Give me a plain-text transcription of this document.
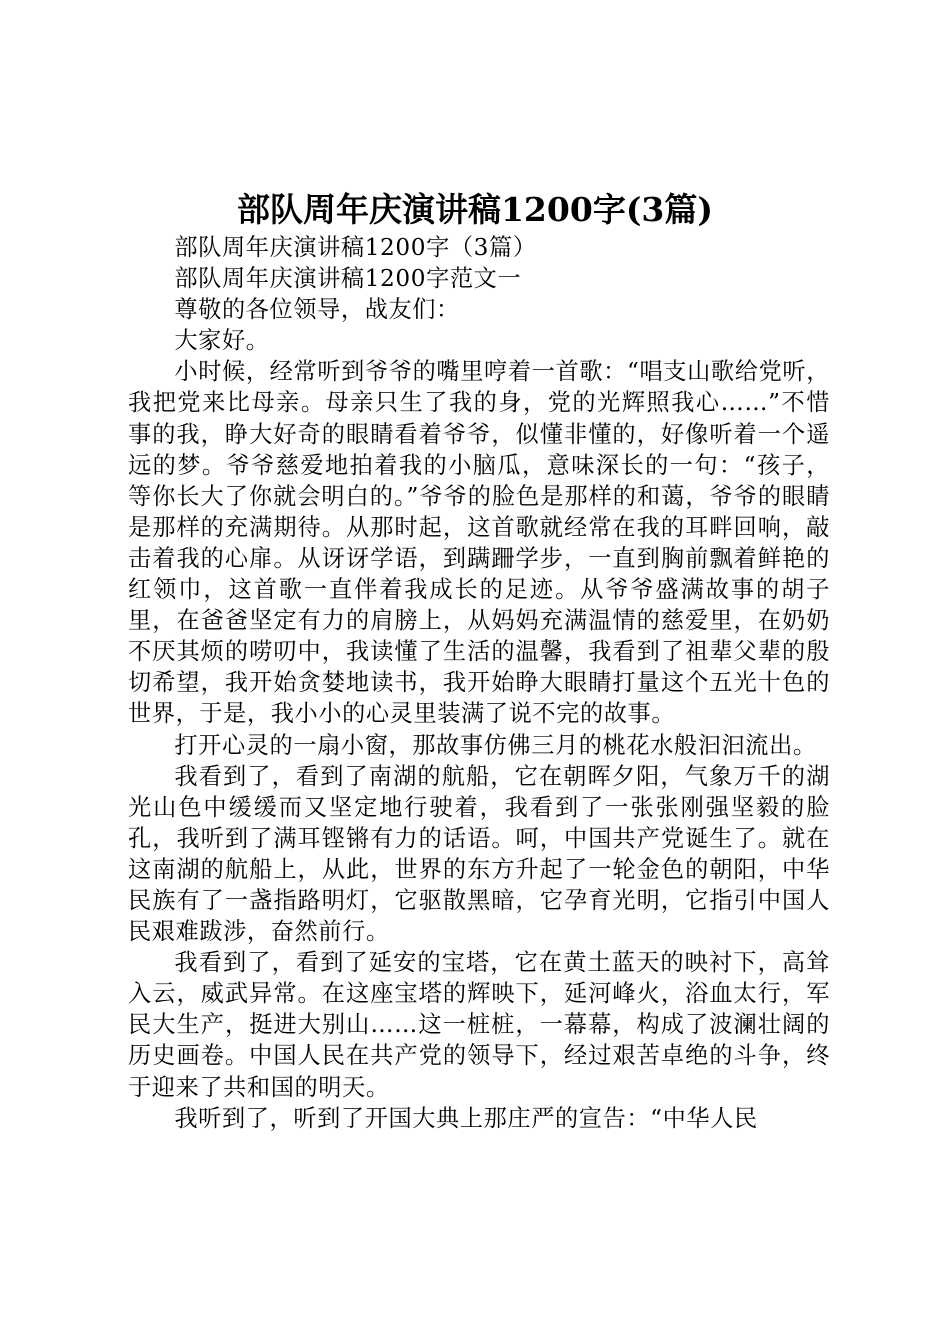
部队周年庆演讲稿1200字(3篇)

部队周年庆演讲稿1200字（3篇）

部队周年庆演讲稿1200字范文一

尊敬的各位领导，战友们：

大家好。

小时候，经常听到爷爷的嘴里哼着一首歌：“唱支山歌给党听，我把党来比母亲。母亲只生了我的身，党的光辉照我心……”不惜事的我，睁大好奇的眼睛看着爷爷，似懂非懂的，好像听着一个遥远的梦。爷爷慈爱地拍着我的小脑瓜，意味深长的一句：“孩子，等你长大了你就会明白的。”爷爷的脸色是那样的和蔼，爷爷的眼睛是那样的充满期待。从那时起，这首歌就经常在我的耳畔回响，敲击着我的心扉。从讶讶学语，到蹒跚学步，一直到胸前飘着鲜艳的红领巾，这首歌一直伴着我成长的足迹。从爷爷盛满故事的胡子里，在爸爸坚定有力的肩膀上，从妈妈充满温情的慈爱里，在奶奶不厌其烦的唠叨中，我读懂了生活的温馨，我看到了祖辈父辈的殷切希望，我开始贪婪地读书，我开始睁大眼睛打量这个五光十色的世界，于是，我小小的心灵里装满了说不完的故事。

打开心灵的一扇小窗，那故事仿佛三月的桃花水般汩汩流出。

我看到了，看到了南湖的航船，它在朝晖夕阳，气象万千的湖光山色中缓缓而又坚定地行驶着，我看到了一张张刚强坚毅的脸孔，我听到了满耳铿锵有力的话语。呵，中国共产党诞生了。就在这南湖的航船上，从此，世界的东方升起了一轮金色的朝阳，中华民族有了一盏指路明灯，它驱散黑暗，它孕育光明，它指引中国人民艰难跋涉，奋然前行。

我看到了，看到了延安的宝塔，它在黄土蓝天的映衬下，高耸入云，威武异常。在这座宝塔的辉映下，延河峰火，浴血太行，军民大生产，挺进大别山……这一桩桩，一幕幕，构成了波澜壮阔的历史画卷。中国人民在共产党的领导下，经过艰苦卓绝的斗争，终于迎来了共和国的明天。

我听到了，听到了开国大典上那庄严的宣告：“中华人民
